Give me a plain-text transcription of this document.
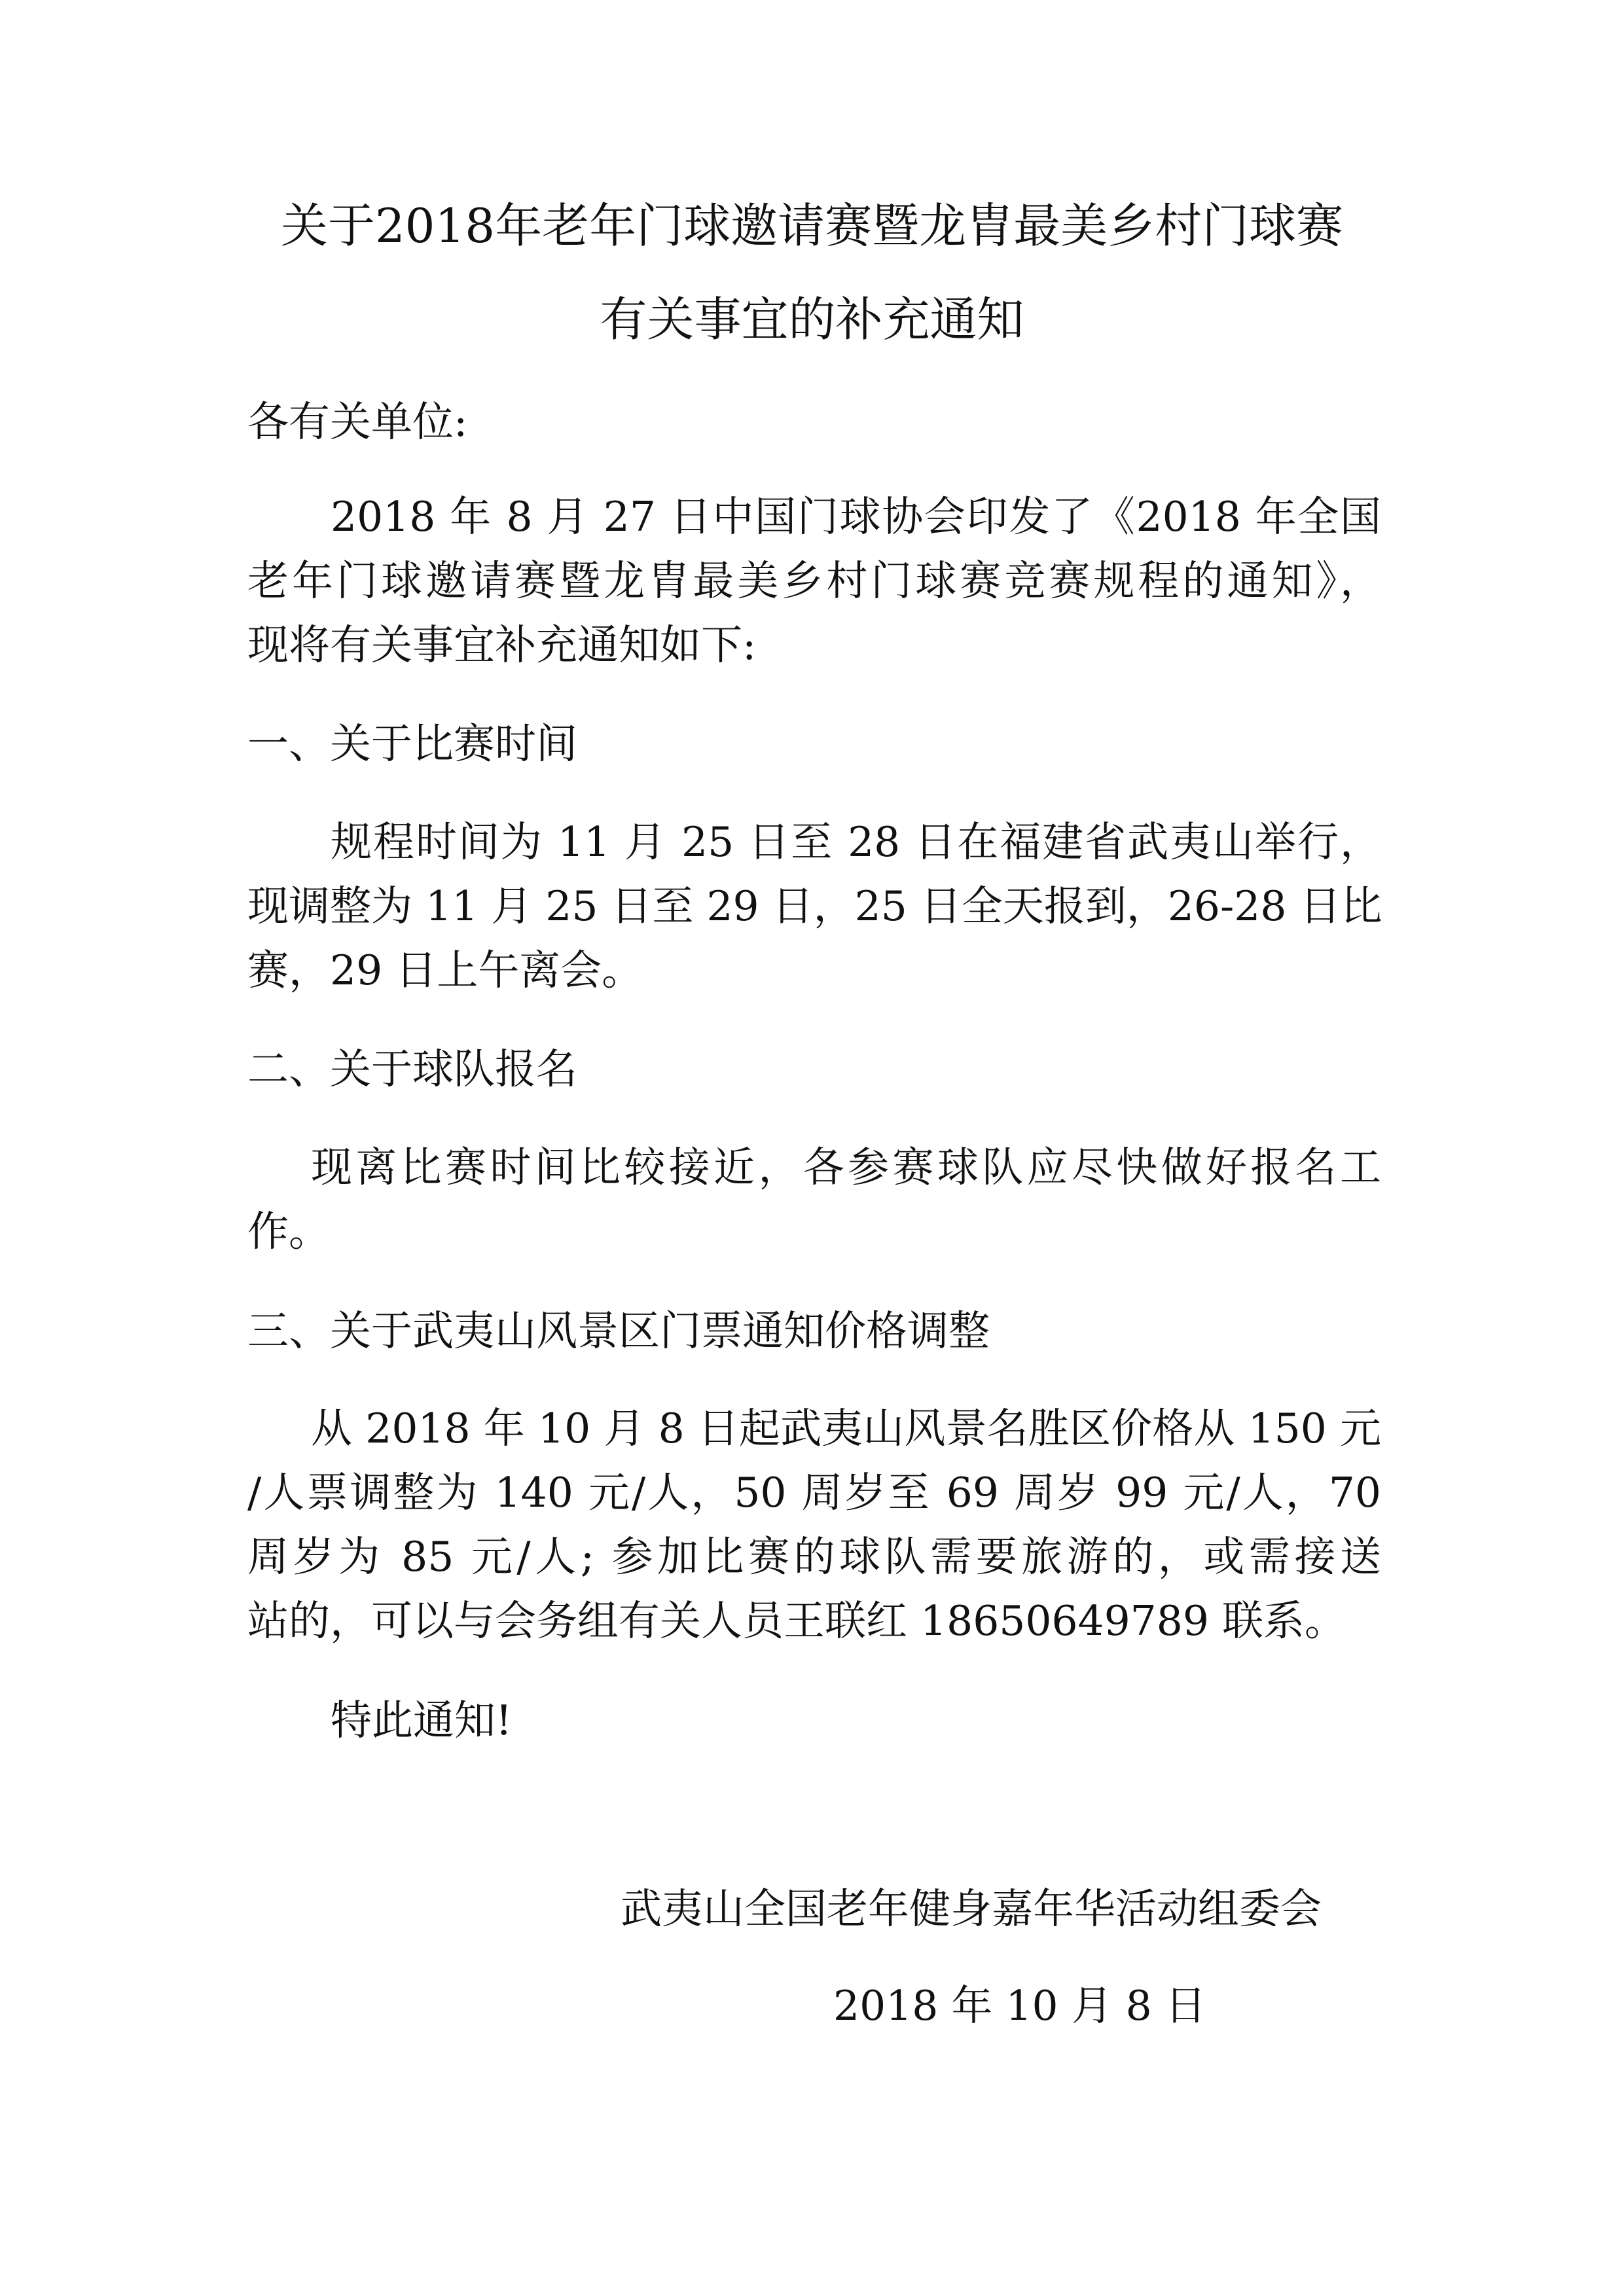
关于2018年老年门球邀请赛暨龙胄最美乡村门球赛
有关事宜的补充通知
各有关单位:
2018 年 8 月 27 日中国门球协会印发了《2018 年全国
老年门球邀请赛暨龙胄最美乡村门球赛竞赛规程的通知》，
现将有关事宜补充通知如下:
一、关于比赛时间
规程时间为 11 月 25 日至 28 日在福建省武夷山举行，
现调整为 11 月 25 日至 29 日，25 日全天报到，26-28 日比
赛，29 日上午离会。
二、关于球队报名
现离比赛时间比较接近，各参赛球队应尽快做好报名工
作。
三、关于武夷山风景区门票通知价格调整
从 2018 年 10 月 8 日起武夷山风景名胜区价格从 150 元
/人票调整为 140 元/人，50 周岁至 69 周岁 99 元/人，70
周岁为 85 元/人; 参加比赛的球队需要旅游的，或需接送
站的，可以与会务组有关人员王联红 18650649789 联系。
特此通知!
武夷山全国老年健身嘉年华活动组委会
2018 年 10 月 8 日
